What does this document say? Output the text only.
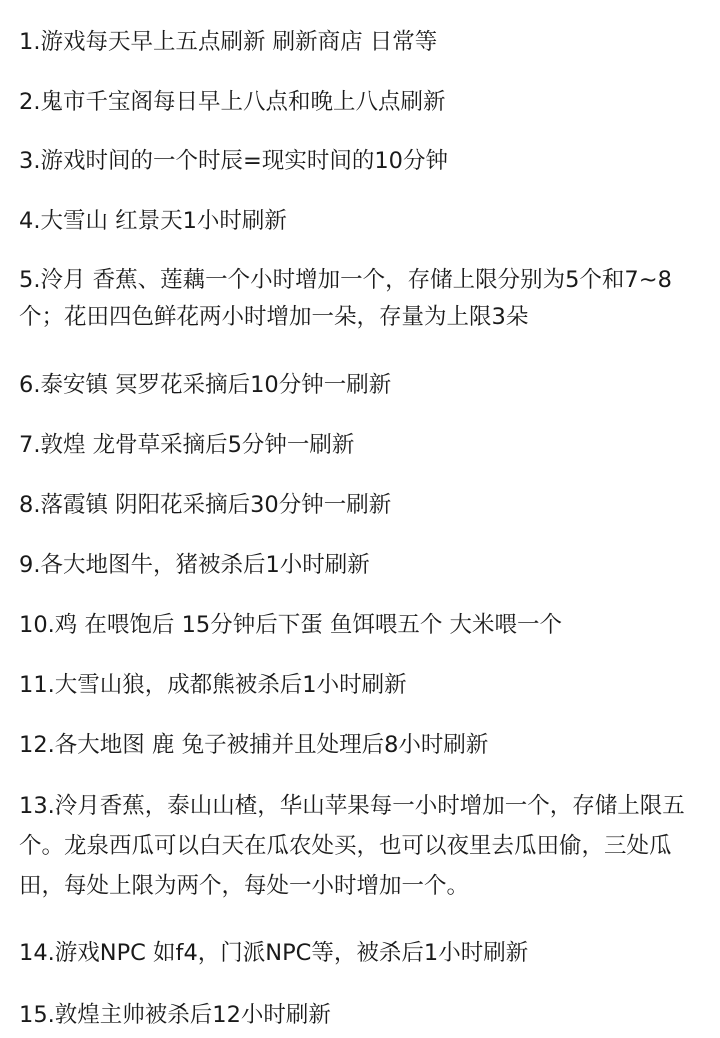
1.游戏每天早上五点刷新 刷新商店 日常等
2.鬼市千宝阁每日早上八点和晚上八点刷新
3.游戏时间的一个时辰=现实时间的10分钟
4.大雪山 红景天1小时刷新
5.泠月 香蕉、莲藕一个小时增加一个，存储上限分别为5个和7~8个；花田四色鲜花两小时增加一朵，存量为上限3朵
6.泰安镇 冥罗花采摘后10分钟一刷新
7.敦煌 龙骨草采摘后5分钟一刷新
8.落霞镇 阴阳花采摘后30分钟一刷新
9.各大地图牛，猪被杀后1小时刷新
10.鸡 在喂饱后 15分钟后下蛋 鱼饵喂五个 大米喂一个
11.大雪山狼，成都熊被杀后1小时刷新
12.各大地图 鹿 兔子被捕并且处理后8小时刷新
13.泠月香蕉，泰山山楂，华山苹果每一小时增加一个，存储上限五个。龙泉西瓜可以白天在瓜农处买，也可以夜里去瓜田偷，三处瓜田，每处上限为两个，每处一小时增加一个。
14.游戏NPC 如f4，门派NPC等，被杀后1小时刷新
15.敦煌主帅被杀后12小时刷新
